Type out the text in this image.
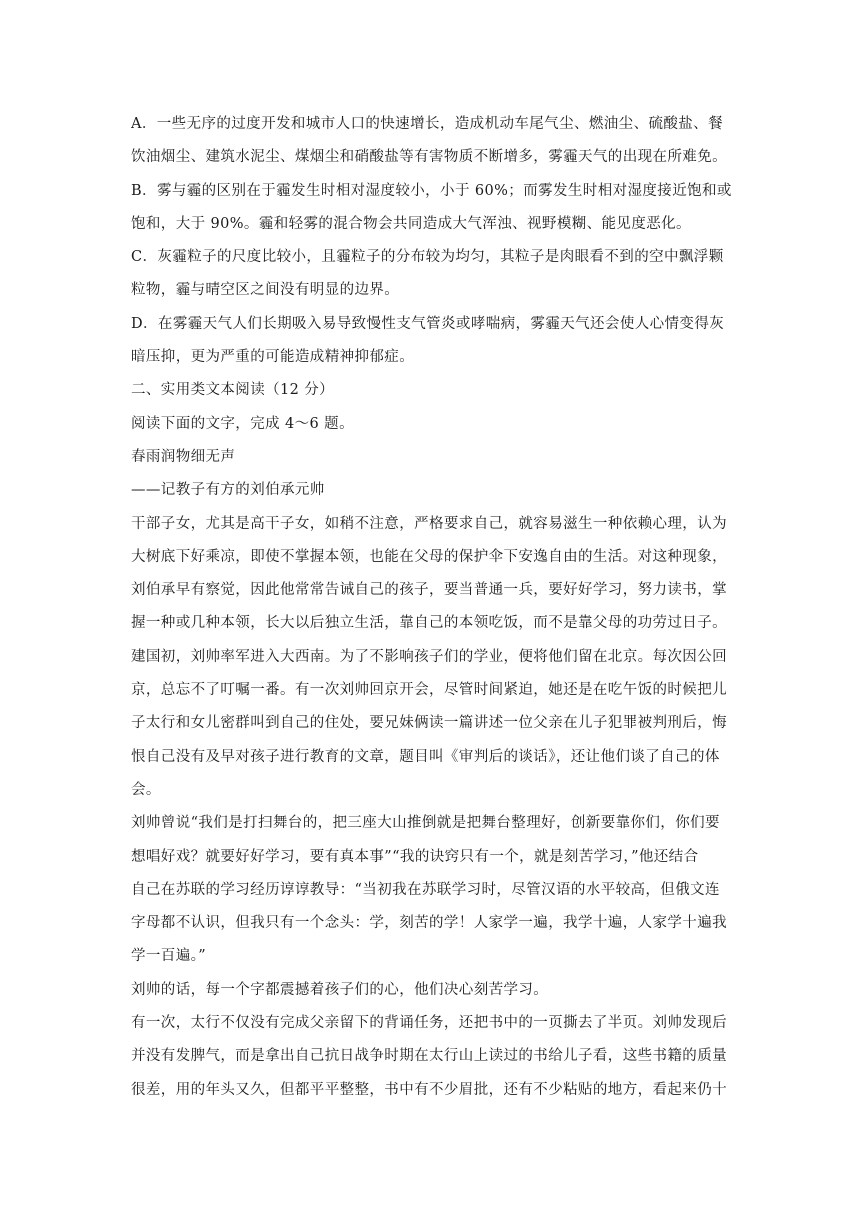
A．一些无序的过度开发和城市人口的快速增长，造成机动车尾气尘、燃油尘、硫酸盐、餐
饮油烟尘、建筑水泥尘、煤烟尘和硝酸盐等有害物质不断增多，雾霾天气的出现在所难免。
B．雾与霾的区别在于霾发生时相对湿度较小，小于 60%；而雾发生时相对湿度接近饱和或
饱和，大于 90%。霾和轻雾的混合物会共同造成大气浑浊、视野模糊、能见度恶化。
C．灰霾粒子的尺度比较小，且霾粒子的分布较为均匀，其粒子是肉眼看不到的空中飘浮颗
粒物，霾与晴空区之间没有明显的边界。
D．在雾霾天气人们长期吸入易导致慢性支气管炎或哮喘病，雾霾天气还会使人心情变得灰
暗压抑，更为严重的可能造成精神抑郁症。
二、实用类文本阅读（12 分）
阅读下面的文字，完成 4～6 题。
春雨润物细无声
——记教子有方的刘伯承元帅
干部子女，尤其是高干子女，如稍不注意，严格要求自己，就容易滋生一种依赖心理，认为
大树底下好乘凉，即使不掌握本领，也能在父母的保护伞下安逸自由的生活。对这种现象，
刘伯承早有察觉，因此他常常告诫自己的孩子，要当普通一兵，要好好学习，努力读书，掌
握一种或几种本领，长大以后独立生活，靠自己的本领吃饭，而不是靠父母的功劳过日子。
建国初，刘帅率军进入大西南。为了不影响孩子们的学业，便将他们留在北京。每次因公回
京，总忘不了叮嘱一番。有一次刘帅回京开会，尽管时间紧迫，她还是在吃午饭的时候把儿
子太行和女儿密群叫到自己的住处，要兄妹俩读一篇讲述一位父亲在儿子犯罪被判刑后，悔
恨自己没有及早对孩子进行教育的文章，题目叫《审判后的谈话》，还让他们谈了自己的体
会。
刘帅曾说“我们是打扫舞台的，把三座大山推倒就是把舞台整理好，创新要靠你们，你们要
想唱好戏？就要好好学习，要有真本事”“我的诀窍只有一个，就是刻苦学习，”他还结合
自己在苏联的学习经历谆谆教导：“当初我在苏联学习时，尽管汉语的水平较高，但俄文连
字母都不认识，但我只有一个念头：学，刻苦的学！人家学一遍，我学十遍，人家学十遍我
学一百遍。”
刘帅的话，每一个字都震撼着孩子们的心，他们决心刻苦学习。
有一次，太行不仅没有完成父亲留下的背诵任务，还把书中的一页撕去了半页。刘帅发现后
并没有发脾气，而是拿出自己抗日战争时期在太行山上读过的书给儿子看，这些书籍的质量
很差，用的年头又久，但都平平整整，书中有不少眉批，还有不少粘贴的地方，看起来仍十
